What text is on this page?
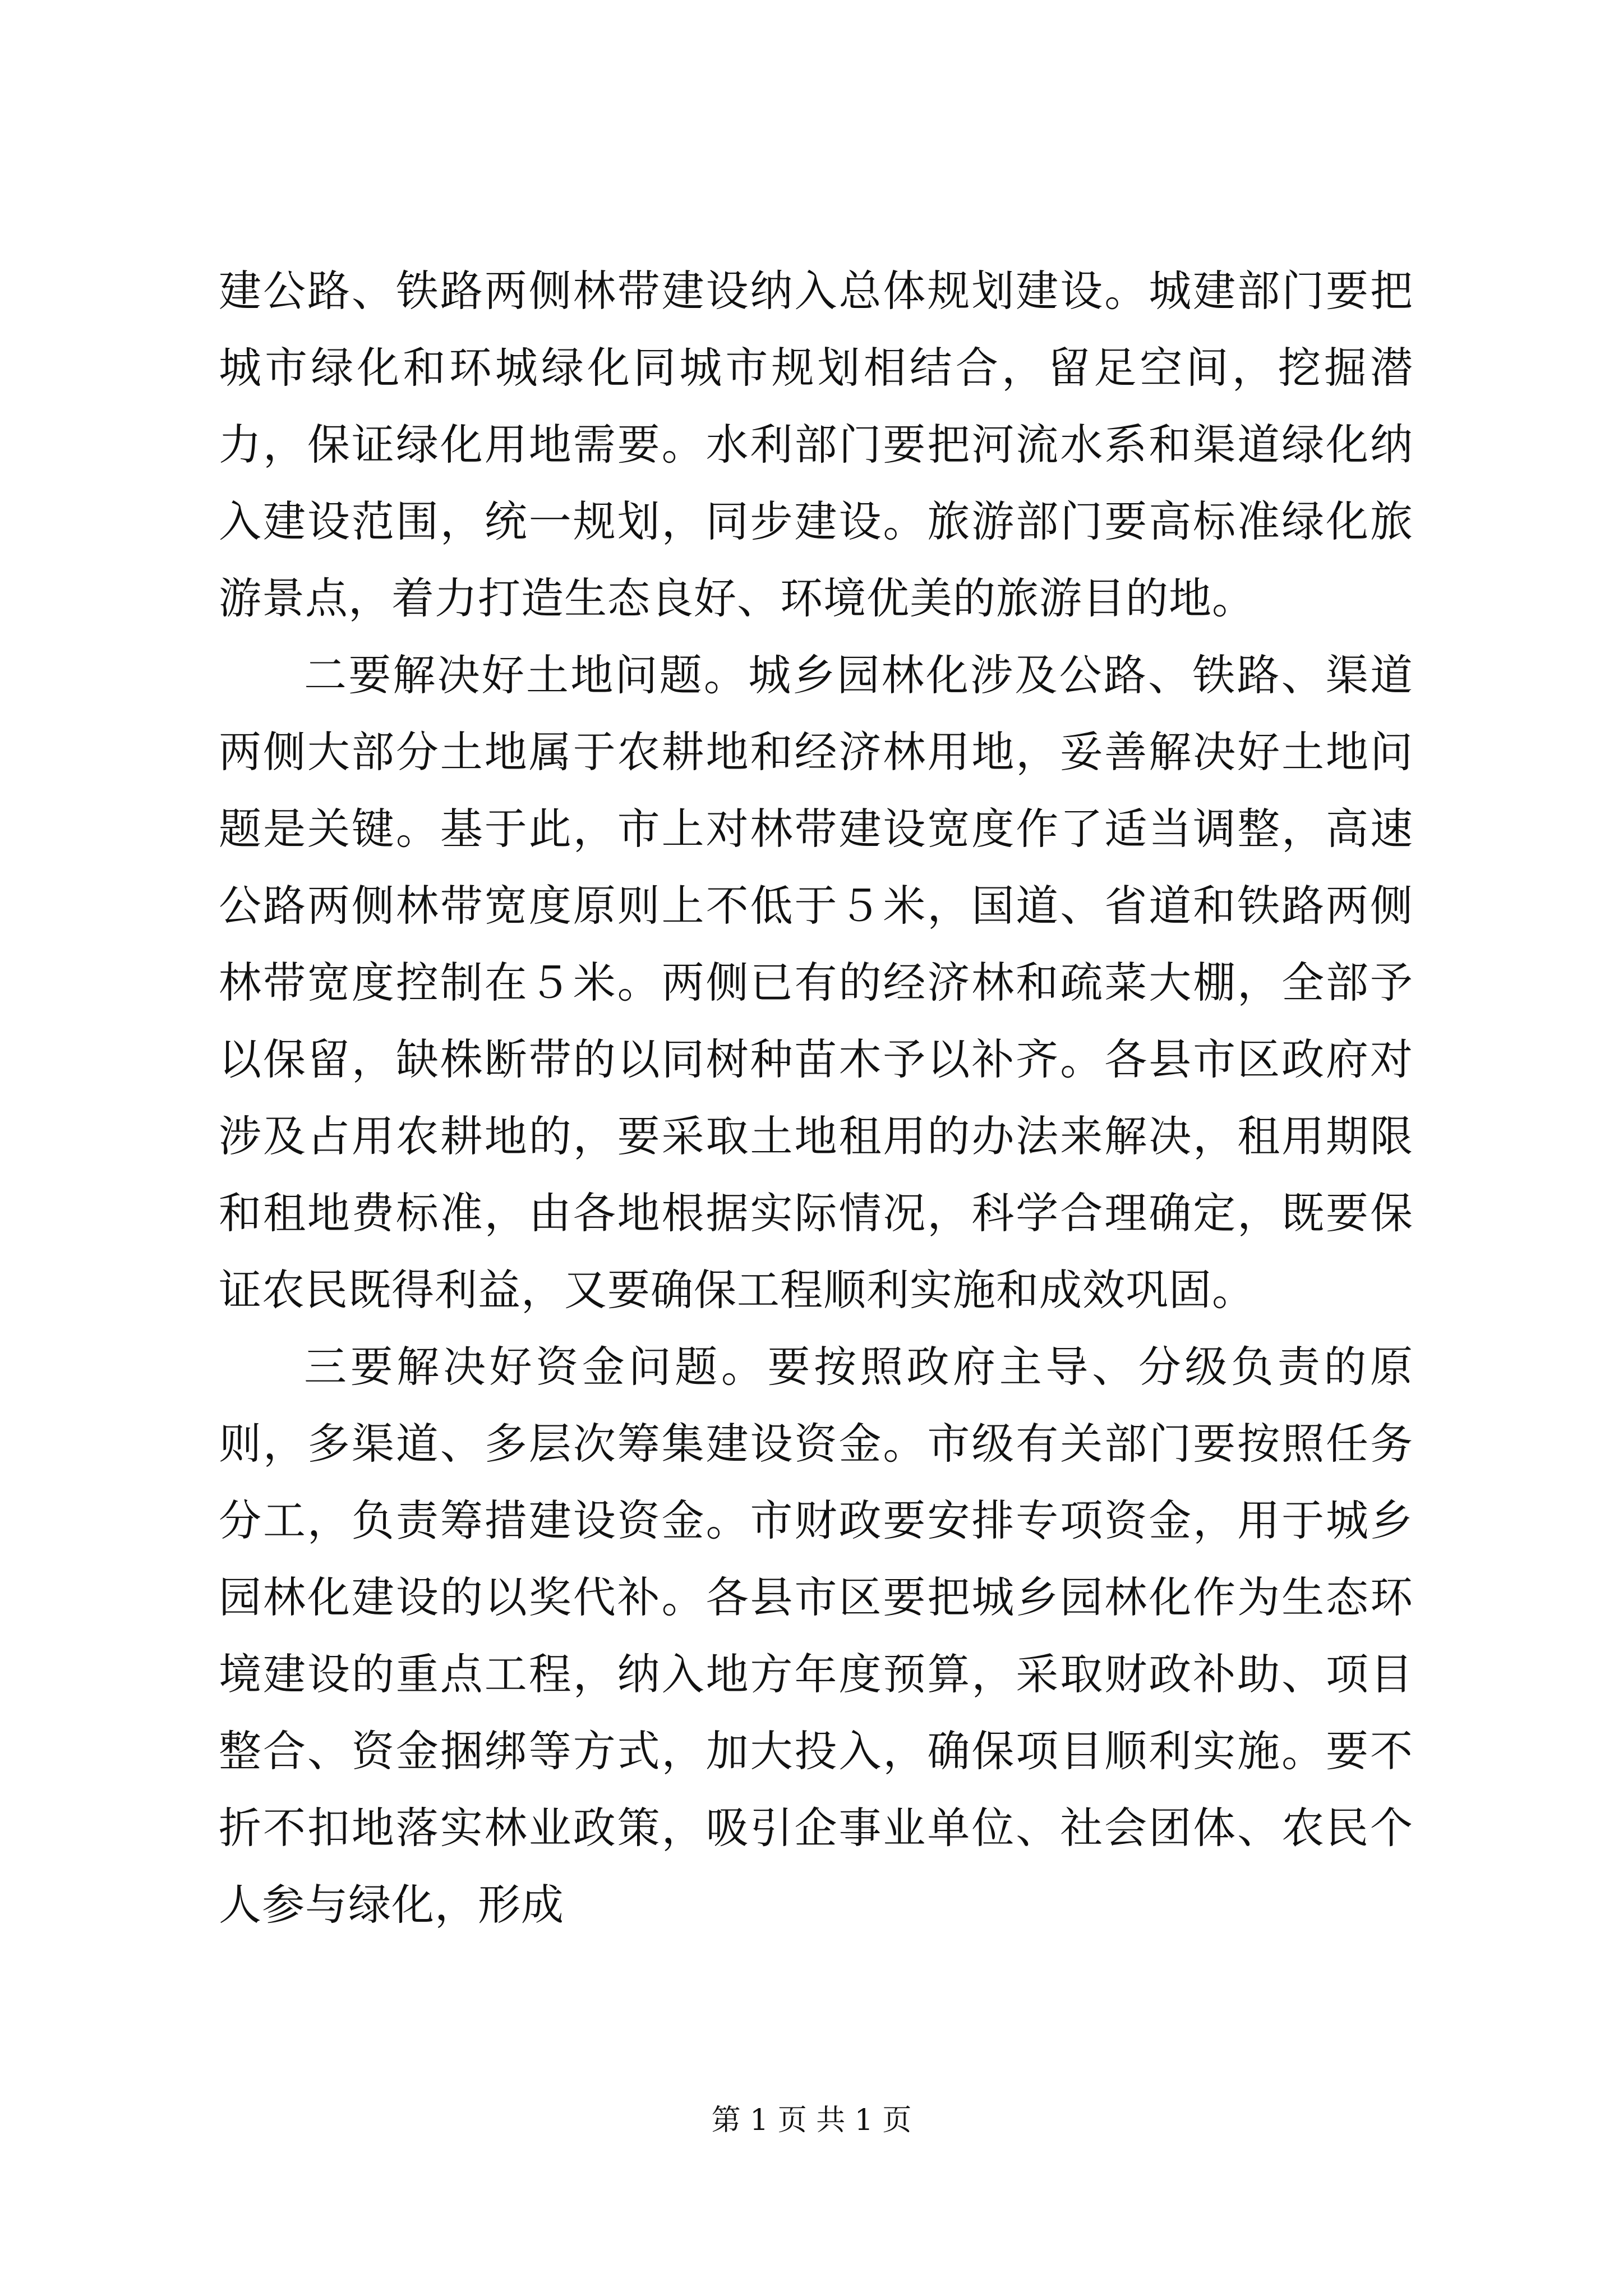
建公路、铁路两侧林带建设纳入总体规划建设。城建部门要把城市绿化和环城绿化同城市规划相结合，留足空间，挖掘潜力，保证绿化用地需要。水利部门要把河流水系和渠道绿化纳入建设范围，统一规划，同步建设。旅游部门要高标准绿化旅游景点，着力打造生态良好、环境优美的旅游目的地。

二要解决好土地问题。城乡园林化涉及公路、铁路、渠道两侧大部分土地属于农耕地和经济林用地，妥善解决好土地问题是关键。基于此，市上对林带建设宽度作了适当调整，高速公路两侧林带宽度原则上不低于５米，国道、省道和铁路两侧林带宽度控制在５米。两侧已有的经济林和疏菜大棚，全部予以保留，缺株断带的以同树种苗木予以补齐。各县市区政府对涉及占用农耕地的，要采取土地租用的办法来解决，租用期限和租地费标准，由各地根据实际情况，科学合理确定，既要保证农民既得利益，又要确保工程顺利实施和成效巩固。

三要解决好资金问题。要按照政府主导、分级负责的原则，多渠道、多层次筹集建设资金。市级有关部门要按照任务分工，负责筹措建设资金。市财政要安排专项资金，用于城乡园林化建设的以奖代补。各县市区要把城乡园林化作为生态环境建设的重点工程，纳入地方年度预算，采取财政补助、项目整合、资金捆绑等方式，加大投入，确保项目顺利实施。要不折不扣地落实林业政策，吸引企事业单位、社会团体、农民个人参与绿化，形成

第 1 页 共 1 页
